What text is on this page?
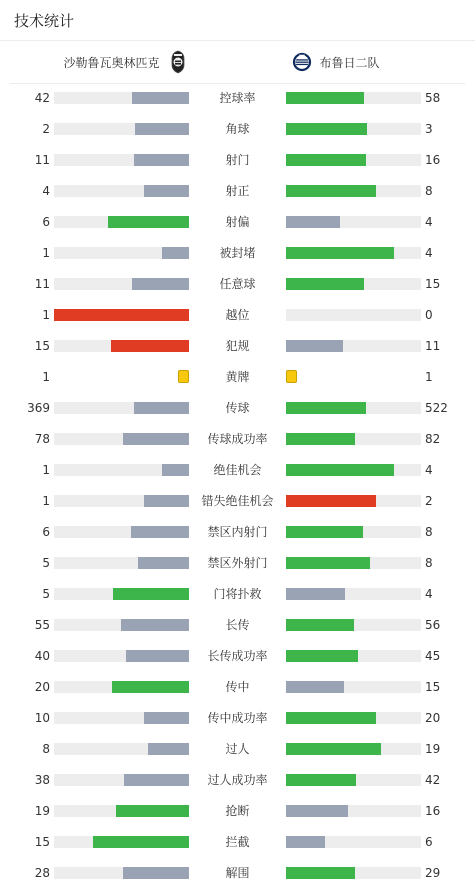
技术统计
沙勒鲁瓦奥林匹克	布鲁日二队
42	控球率	58
2	角球	3
11	射门	16
4	射正	8
6	射偏	4
1	被封堵	4
11	任意球	15
1	越位	0
15	犯规	11
1	黄牌	1
369	传球	522
78	传球成功率	82
1	绝佳机会	4
1	错失绝佳机会	2
6	禁区内射门	8
5	禁区外射门	8
5	门将扑救	4
55	长传	56
40	长传成功率	45
20	传中	15
10	传中成功率	20
8	过人	19
38	过人成功率	42
19	抢断	16
15	拦截	6
28	解围	29
